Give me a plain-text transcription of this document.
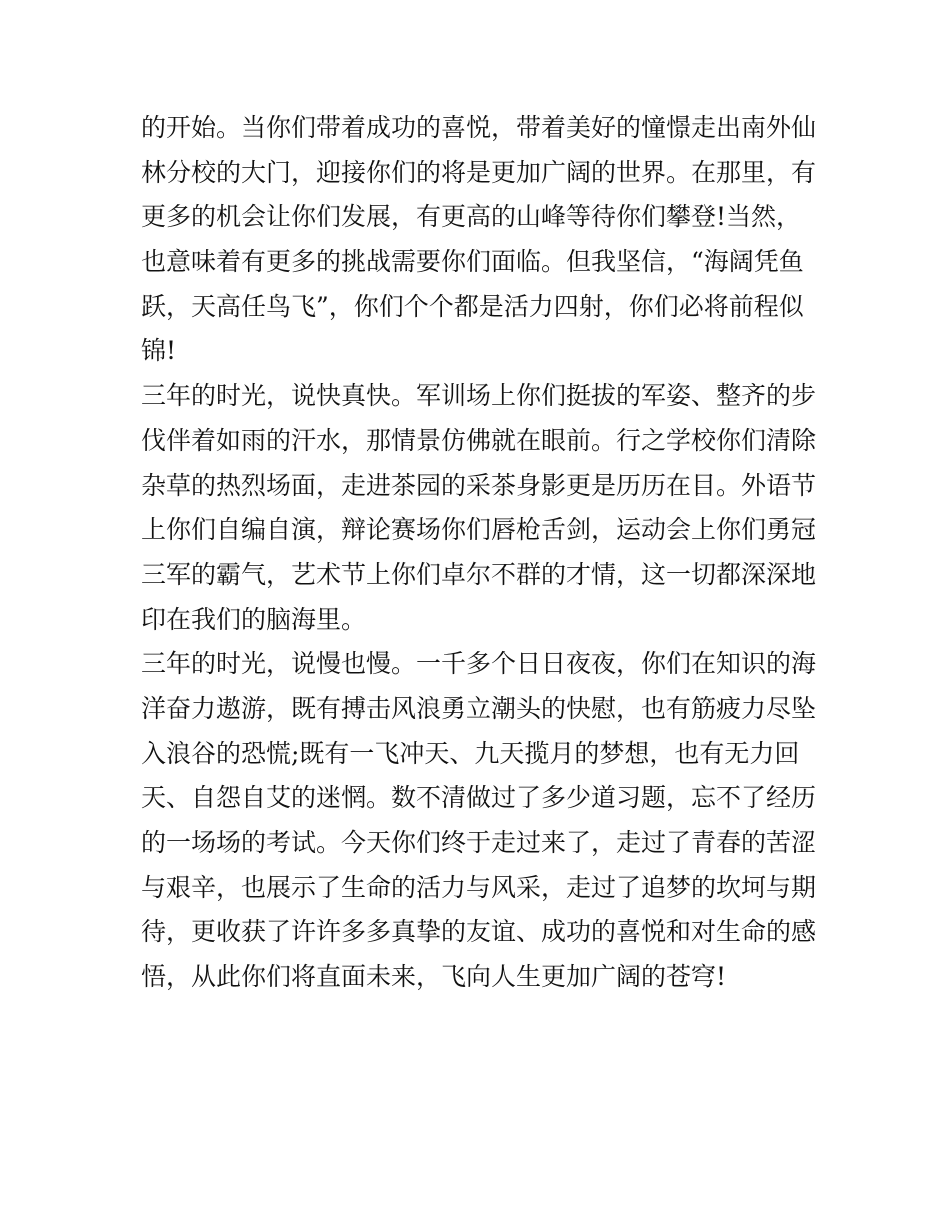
的开始。当你们带着成功的喜悦，带着美好的憧憬走出南外仙
林分校的大门，迎接你们的将是更加广阔的世界。在那里，有
更多的机会让你们发展，有更高的山峰等待你们攀登!当然，
也意味着有更多的挑战需要你们面临。但我坚信，“海阔凭鱼
跃，天高任鸟飞”，你们个个都是活力四射，你们必将前程似
锦!
三年的时光，说快真快。军训场上你们挺拔的军姿、整齐的步
伐伴着如雨的汗水，那情景仿佛就在眼前。行之学校你们清除
杂草的热烈场面，走进茶园的采茶身影更是历历在目。外语节
上你们自编自演，辩论赛场你们唇枪舌剑，运动会上你们勇冠
三军的霸气，艺术节上你们卓尔不群的才情，这一切都深深地
印在我们的脑海里。
三年的时光，说慢也慢。一千多个日日夜夜，你们在知识的海
洋奋力遨游，既有搏击风浪勇立潮头的快慰，也有筋疲力尽坠
入浪谷的恐慌;既有一飞冲天、九天揽月的梦想，也有无力回
天、自怨自艾的迷惘。数不清做过了多少道习题，忘不了经历
的一场场的考试。今天你们终于走过来了，走过了青春的苦涩
与艰辛，也展示了生命的活力与风采，走过了追梦的坎坷与期
待，更收获了许许多多真挚的友谊、成功的喜悦和对生命的感
悟，从此你们将直面未来，飞向人生更加广阔的苍穹!
